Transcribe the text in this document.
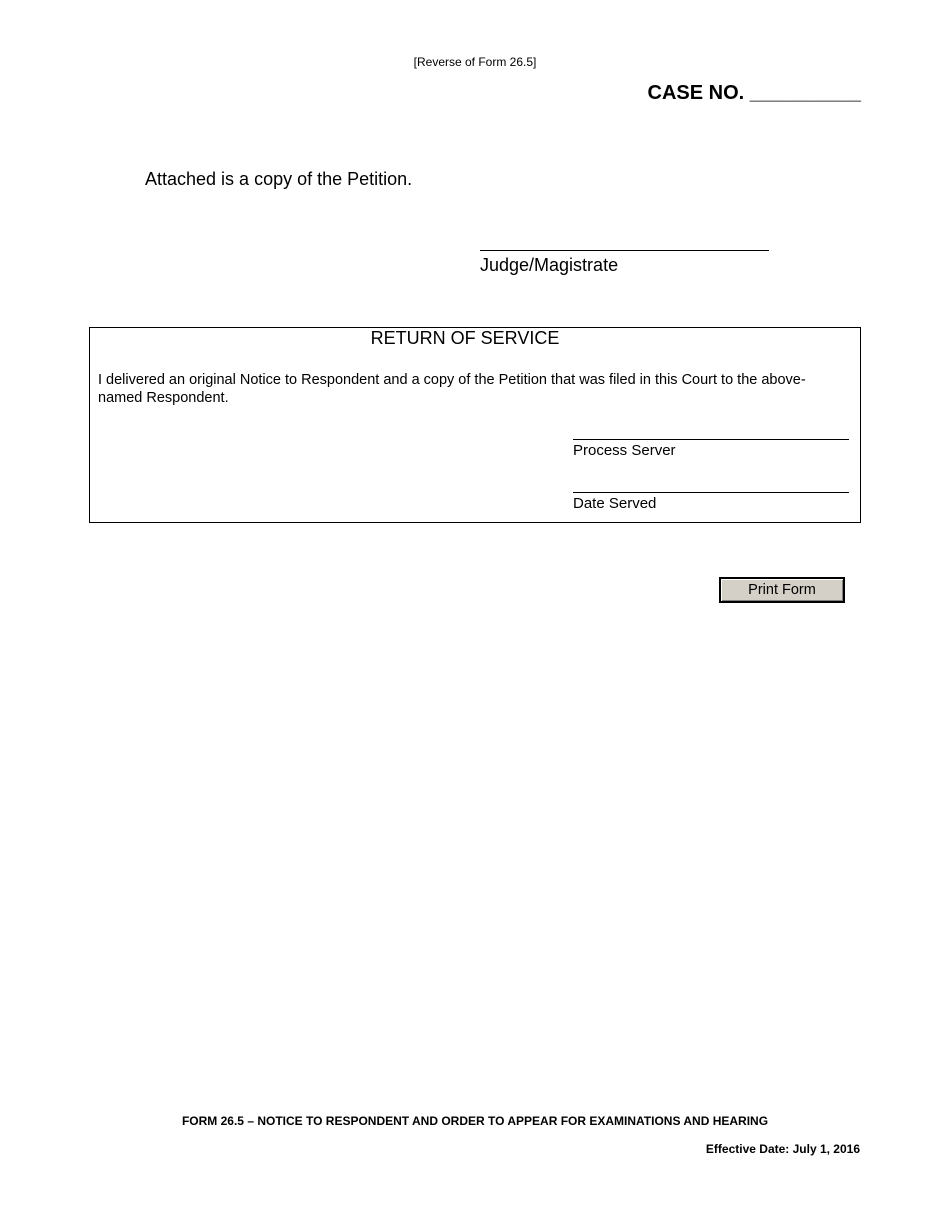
[Reverse of Form 26.5]
CASE NO. __________
Attached is a copy of the Petition.
Judge/Magistrate
RETURN OF SERVICE
I delivered an original Notice to Respondent and a copy of the Petition that was filed in this Court to the above-named Respondent.
Process Server
Date Served
Print Form
FORM 26.5 – NOTICE TO RESPONDENT AND ORDER TO APPEAR FOR EXAMINATIONS AND HEARING
Effective Date: July 1, 2016
